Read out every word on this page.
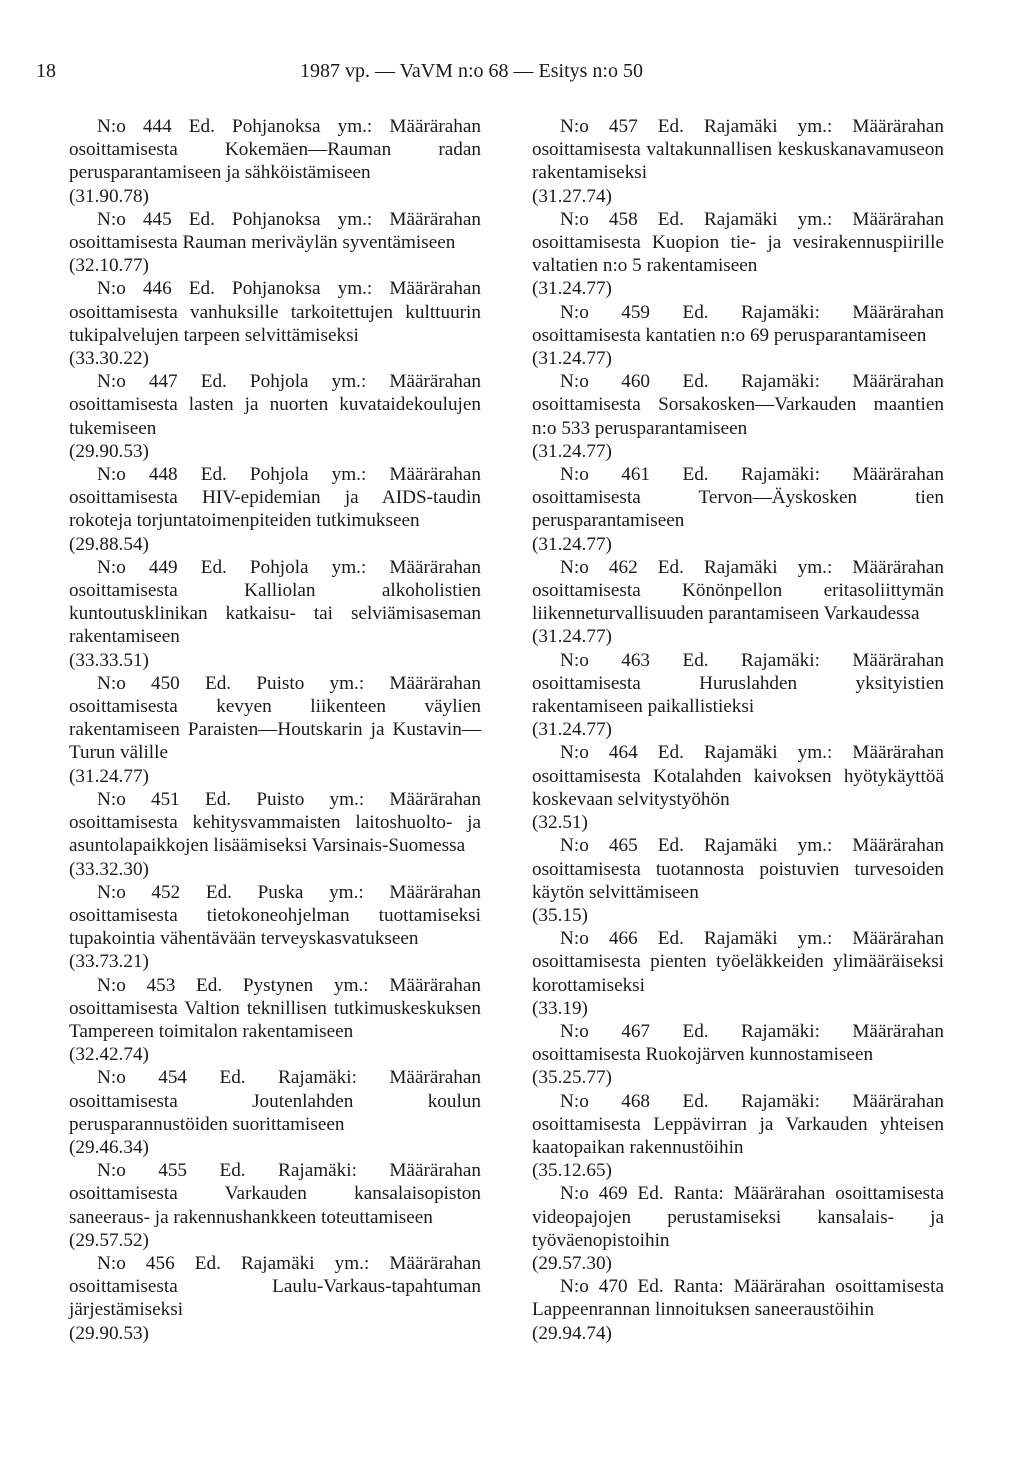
18	1987 vp. — VaVM n:o 68 — Esitys n:o 50

N:o 444 Ed. Pohjanoksa ym.: Määrärahan osoittamisesta Kokemäen—Rauman radan perusparantamiseen ja sähköistämiseen

(31.90.78)

N:o 445 Ed. Pohjanoksa ym.: Määrärahan osoittamisesta Rauman meriväylän syventämiseen

(32.10.77)

N:o 446 Ed. Pohjanoksa ym.: Määrärahan osoittamisesta vanhuksille tarkoitettujen kulttuurin tukipalvelujen tarpeen selvittämiseksi

(33.30.22)

N:o 447 Ed. Pohjola ym.: Määrärahan osoittamisesta lasten ja nuorten kuvataidekoulujen tukemiseen

(29.90.53)

N:o 448 Ed. Pohjola ym.: Määrärahan osoittamisesta HIV-epidemian ja AIDS-taudin rokoteja torjuntatoimenpiteiden tutkimukseen

(29.88.54)

N:o 449 Ed. Pohjola ym.: Määrärahan osoittamisesta Kalliolan alkoholistien kuntoutusklinikan katkaisu- tai selviämisaseman rakentamiseen

(33.33.51)

N:o 450 Ed. Puisto ym.: Määrärahan osoittamisesta kevyen liikenteen väylien rakentamiseen Paraisten—Houtskarin ja Kustavin—Turun välille

(31.24.77)

N:o 451 Ed. Puisto ym.: Määrärahan osoittamisesta kehitysvammaisten laitoshuolto- ja asuntolapaikkojen lisäämiseksi Varsinais-Suomessa

(33.32.30)

N:o 452 Ed. Puska ym.: Määrärahan osoittamisesta tietokoneohjelman tuottamiseksi tupakointia vähentävään terveyskasvatukseen

(33.73.21)

N:o 453 Ed. Pystynen ym.: Määrärahan osoittamisesta Valtion teknillisen tutkimuskeskuksen Tampereen toimitalon rakentamiseen

(32.42.74)

N:o 454 Ed. Rajamäki: Määrärahan osoittamisesta Joutenlahden koulun perusparannustöiden suorittamiseen

(29.46.34)

N:o 455 Ed. Rajamäki: Määrärahan osoittamisesta Varkauden kansalaisopiston saneeraus- ja rakennushankkeen toteuttamiseen

(29.57.52)

N:o 456 Ed. Rajamäki ym.: Määrärahan osoittamisesta Laulu-Varkaus-tapahtuman järjestämiseksi

(29.90.53)

N:o 457 Ed. Rajamäki ym.: Määrärahan osoittamisesta valtakunnallisen keskuskanavamuseon rakentamiseksi

(31.27.74)

N:o 458 Ed. Rajamäki ym.: Määrärahan osoittamisesta Kuopion tie- ja vesirakennuspiirille valtatien n:o 5 rakentamiseen

(31.24.77)

N:o 459 Ed. Rajamäki: Määrärahan osoittamisesta kantatien n:o 69 perusparantamiseen

(31.24.77)

N:o 460 Ed. Rajamäki: Määrärahan osoittamisesta Sorsakosken—Varkauden maantien n:o 533 perusparantamiseen

(31.24.77)

N:o 461 Ed. Rajamäki: Määrärahan osoittamisesta Tervon—Äyskosken tien perusparantamiseen

(31.24.77)

N:o 462 Ed. Rajamäki ym.: Määrärahan osoittamisesta Könönpellon eritasoliittymän liikenneturvallisuuden parantamiseen Varkaudessa

(31.24.77)

N:o 463 Ed. Rajamäki: Määrärahan osoittamisesta Huruslahden yksityistien rakentamiseen paikallistieksi

(31.24.77)

N:o 464 Ed. Rajamäki ym.: Määrärahan osoittamisesta Kotalahden kaivoksen hyötykäyttöä koskevaan selvitystyöhön

(32.51)

N:o 465 Ed. Rajamäki ym.: Määrärahan osoittamisesta tuotannosta poistuvien turvesoiden käytön selvittämiseen

(35.15)

N:o 466 Ed. Rajamäki ym.: Määrärahan osoittamisesta pienten työeläkkeiden ylimääräiseksi korottamiseksi

(33.19)

N:o 467 Ed. Rajamäki: Määrärahan osoittamisesta Ruokojärven kunnostamiseen

(35.25.77)

N:o 468 Ed. Rajamäki: Määrärahan osoittamisesta Leppävirran ja Varkauden yhteisen kaatopaikan rakennustöihin

(35.12.65)

N:o 469 Ed. Ranta: Määrärahan osoittamisesta videopajojen perustamiseksi kansalais- ja työväenopistoihin

(29.57.30)

N:o 470 Ed. Ranta: Määrärahan osoittamisesta Lappeenrannan linnoituksen saneeraustöihin

(29.94.74)
